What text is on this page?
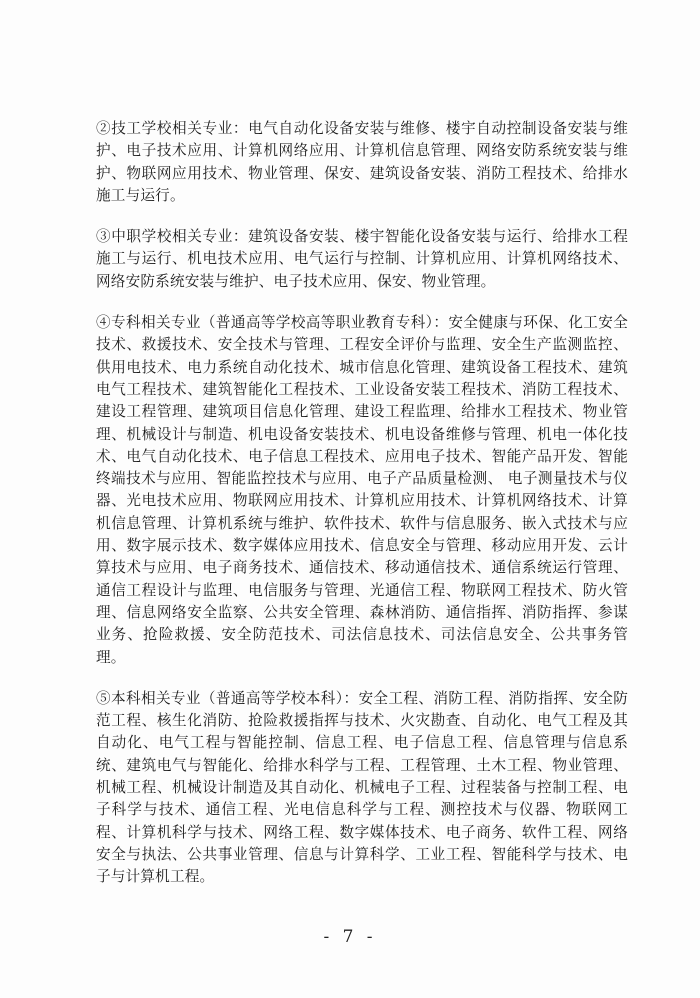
②技工学校相关专业：电气自动化设备安装与维修、楼宇自动控制设备安装与维护、电子技术应用、计算机网络应用、计算机信息管理、网络安防系统安装与维护、物联网应用技术、物业管理、保安、建筑设备安装、消防工程技术、给排水施工与运行。

③中职学校相关专业：建筑设备安装、楼宇智能化设备安装与运行、给排水工程施工与运行、机电技术应用、电气运行与控制、计算机应用、计算机网络技术、网络安防系统安装与维护、电子技术应用、保安、物业管理。

④专科相关专业（普通高等学校高等职业教育专科）：安全健康与环保、化工安全技术、救援技术、安全技术与管理、工程安全评价与监理、安全生产监测监控、供用电技术、电力系统自动化技术、城市信息化管理、建筑设备工程技术、建筑电气工程技术、建筑智能化工程技术、工业设备安装工程技术、消防工程技术、建设工程管理、建筑项目信息化管理、建设工程监理、给排水工程技术、物业管理、机械设计与制造、机电设备安装技术、机电设备维修与管理、机电一体化技术、电气自动化技术、电子信息工程技术、应用电子技术、智能产品开发、智能终端技术与应用、智能监控技术与应用、电子产品质量检测、 电子测量技术与仪器、光电技术应用、物联网应用技术、计算机应用技术、计算机网络技术、计算机信息管理、计算机系统与维护、软件技术、软件与信息服务、嵌入式技术与应用、数字展示技术、数字媒体应用技术、信息安全与管理、移动应用开发、云计算技术与应用、电子商务技术、通信技术、移动通信技术、通信系统运行管理、通信工程设计与监理、电信服务与管理、光通信工程、物联网工程技术、防火管理、信息网络安全监察、公共安全管理、森林消防、通信指挥、消防指挥、参谋业务、抢险救援、安全防范技术、司法信息技术、司法信息安全、公共事务管理。

⑤本科相关专业（普通高等学校本科）：安全工程、消防工程、消防指挥、安全防范工程、核生化消防、抢险救援指挥与技术、火灾勘查、自动化、电气工程及其自动化、电气工程与智能控制、信息工程、电子信息工程、信息管理与信息系统、建筑电气与智能化、给排水科学与工程、工程管理、土木工程、物业管理、机械工程、机械设计制造及其自动化、机械电子工程、过程装备与控制工程、电子科学与技术、通信工程、光电信息科学与工程、测控技术与仪器、物联网工程、计算机科学与技术、网络工程、数字媒体技术、电子商务、软件工程、网络安全与执法、公共事业管理、信息与计算科学、工业工程、智能科学与技术、电子与计算机工程。

- 7 -
